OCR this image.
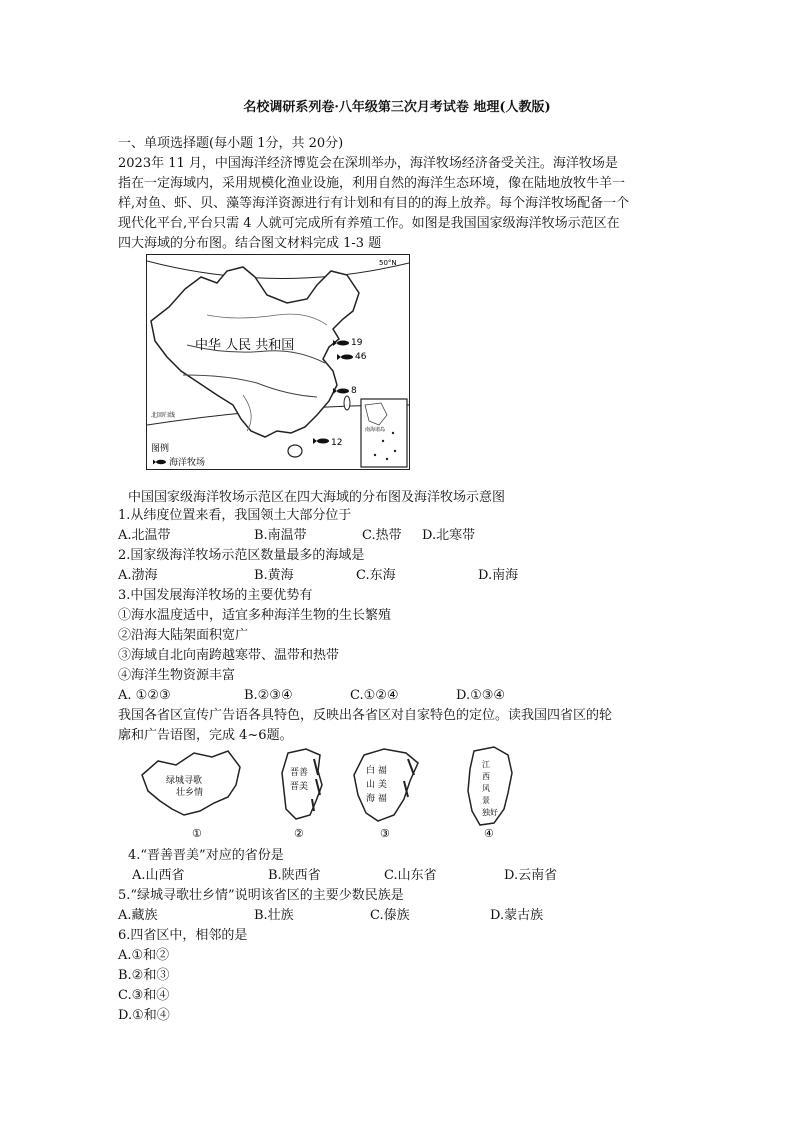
名校调研系列卷·八年级第三次月考试卷 地理(人教版)
一、单项选择题(每小题 1分，共 20分)
2023年 11 月，中国海洋经济博览会在深圳举办，海洋牧场经济备受关注。海洋牧场是
指在一定海域内，采用规模化渔业设施，利用自然的海洋生态环境，像在陆地放牧牛羊一
样,对鱼、虾、贝、藻等海洋资源进行有计划和有目的的海上放养。每个海洋牧场配备一个
现代化平台,平台只需 4 人就可完成所有养殖工作。如图是我国国家级海洋牧场示范区在
四大海域的分布图。结合图文材料完成 1-3 题
50°N
中华 人民 共和国	19
46
8
12
北回归线
图例
海洋牧场
南海诸岛
中国国家级海洋牧场示范区在四大海域的分布图及海洋牧场示意图
1.从纬度位置来看，我国领土大部分位于
A.北温带	B.南温带	C.热带 D.北寒带
2.国家级海洋牧场示范区数量最多的海域是
A.渤海	B.黄海	C.东海	D.南海
3.中国发展海洋牧场的主要优势有
①海水温度适中，适宜多种海洋生物的生长繁殖
②沿海大陆架面积宽广
③海域自北向南跨越寒带、温带和热带
④海洋生物资源丰富
A. ①②③	B.②③④	C.①②④	D.①③④
我国各省区宣传广告语各具特色，反映出各省区对自家特色的定位。读我国四省区的轮
廓和广告语图，完成 4~6题。
绿城寻歌
壮乡情
①
晋善
晋美
②
白 福
山 美
海 福
③
江
西
风
景
独好
④
4.“晋善晋美”对应的省份是
A.山西省	B.陕西省	C.山东省	D.云南省
5.“绿城寻歌壮乡情”说明该省区的主要少数民族是
A.藏族	B.壮族	C.傣族	D.蒙古族
6.四省区中，相邻的是
A.①和②
B.②和③
C.③和④
D.①和④
